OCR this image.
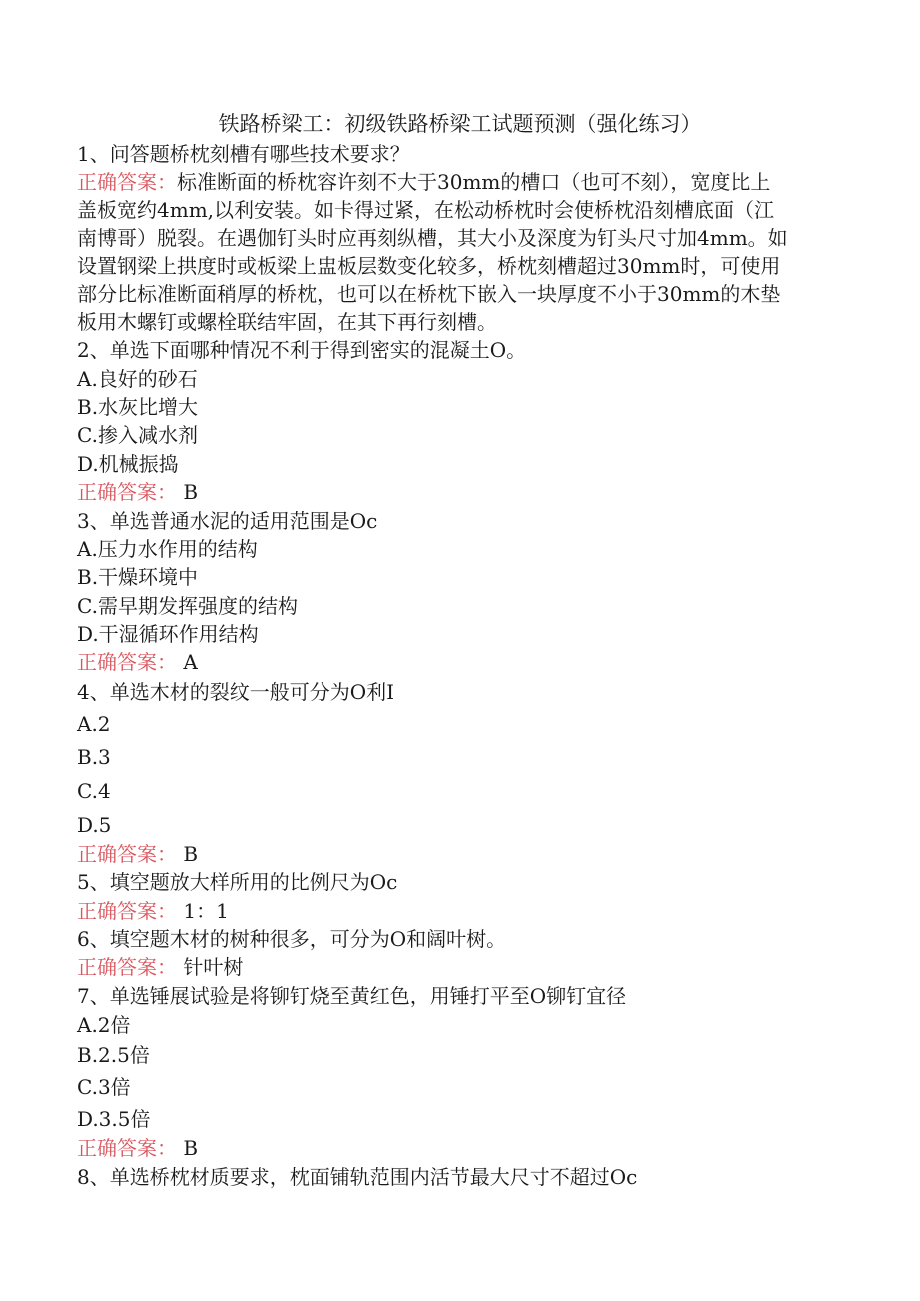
铁路桥梁工：初级铁路桥梁工试题预测（强化练习）
1、问答题桥枕刻槽有哪些技术要求？
正确答案：标准断面的桥枕容许刻不大于30mm的槽口（也可不刻），宽度比上
盖板宽约4mm,以利安装。如卡得过紧，在松动桥枕时会使桥枕沿刻槽底面（江
南博哥）脱裂。在遇伽钉头时应再刻纵槽，其大小及深度为钉头尺寸加4mm。如
设置钢梁上拱度时或板梁上盅板层数变化较多，桥枕刻槽超过30mm时，可使用
部分比标准断面稍厚的桥枕，也可以在桥枕下嵌入一块厚度不小于30mm的木垫
板用木螺钉或螺栓联结牢固，在其下再行刻槽。
2、单选下面哪种情况不利于得到密实的混凝土O。
A.良好的砂石
B.水灰比增大
C.掺入减水剂
D.机械振捣
正确答案： B
3、单选普通水泥的适用范围是Oc
A.压力水作用的结构
B.干燥环境中
C.需早期发挥强度的结构
D.干湿循环作用结构
正确答案： A
4、单选木材的裂纹一般可分为O利I
A.2
B.3
C.4
D.5
正确答案： B
5、填空题放大样所用的比例尺为Oc
正确答案： 1：1
6、填空题木材的树种很多，可分为O和阔叶树。
正确答案： 针叶树
7、单选锤展试验是将铆钉烧至黄红色，用锤打平至O铆钉宜径
A.2倍
B.2.5倍
C.3倍
D.3.5倍
正确答案： B
8、单选桥枕材质要求，枕面铺轨范围内活节最大尺寸不超过Oc
